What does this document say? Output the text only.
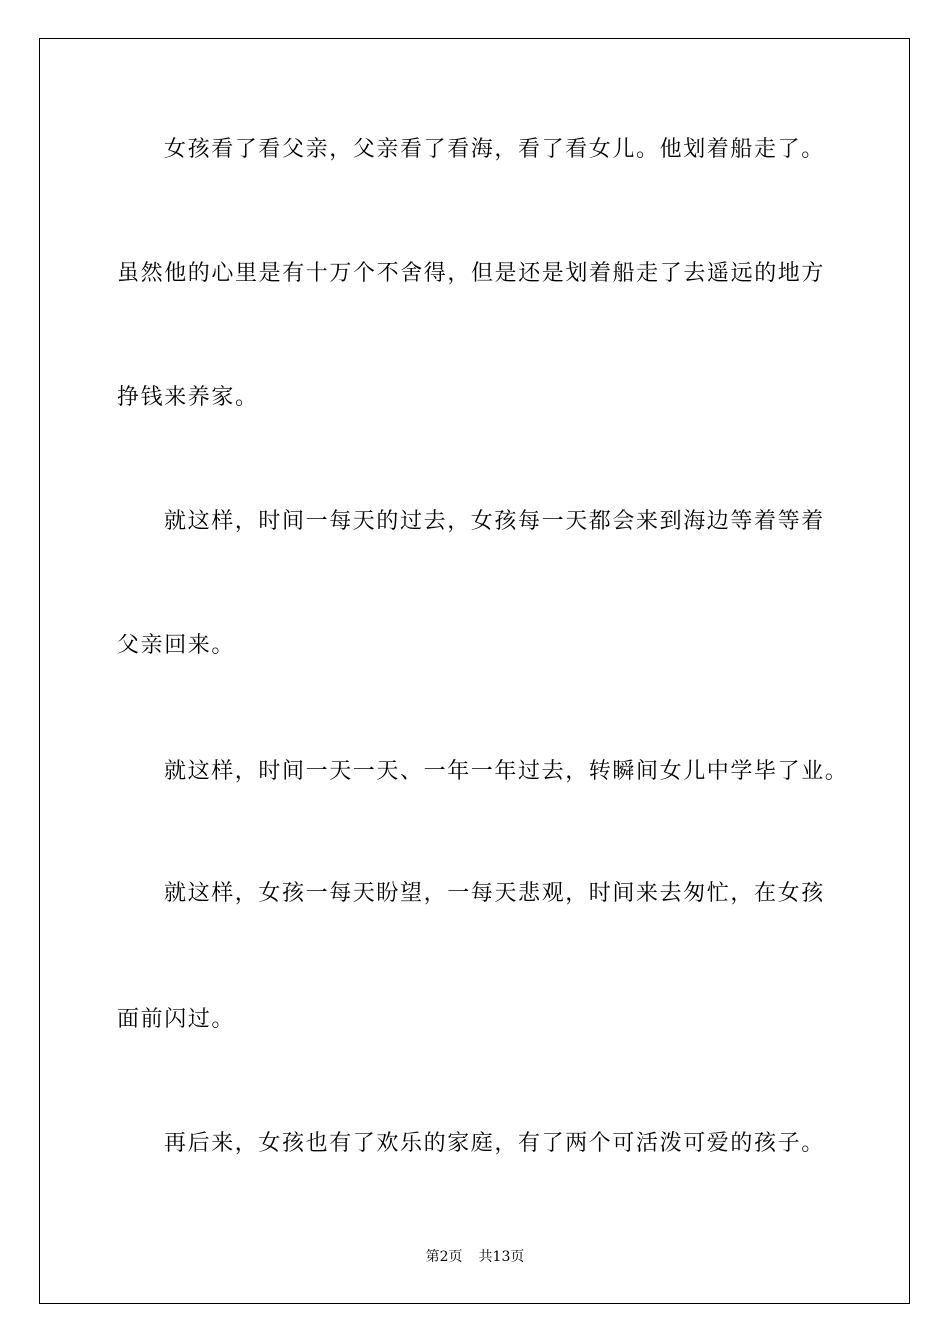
女孩看了看父亲，父亲看了看海，看了看女儿。他划着船走了。
虽然他的心里是有十万个不舍得，但是还是划着船走了去遥远的地方
挣钱来养家。
就这样，时间一每天的过去，女孩每一天都会来到海边等着等着
父亲回来。
就这样，时间一天一天、一年一年过去，转瞬间女儿中学毕了业。
就这样，女孩一每天盼望，一每天悲观，时间来去匆忙，在女孩
面前闪过。
再后来，女孩也有了欢乐的家庭，有了两个可活泼可爱的孩子。
第2页 共13页
